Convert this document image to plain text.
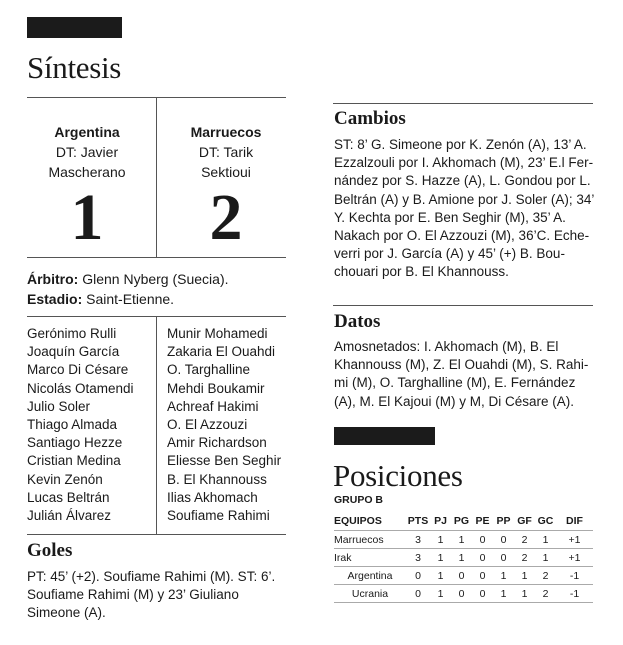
Síntesis
Argentina
DT: Javier
Mascherano
1
Marruecos
DT: Tarik
Sektioui
2
Árbitro: Glenn Nyberg (Suecia).
Estadio: Saint-Etienne.
Gerónimo Rulli
Joaquín García
Marco Di Césare
Nicolás Otamendi
Julio Soler
Thiago Almada
Santiago Hezze
Cristian Medina
Kevin Zenón
Lucas Beltrán
Julián Álvarez
Munir Mohamedi
Zakaria El Ouahdi
O. Targhalline
Mehdi Boukamir
Achreaf Hakimi
O. El Azzouzi
Amir Richardson
Eliesse Ben Seghir
B. El Khannouss
Ilias Akhomach
Soufiame Rahimi
Goles
PT: 45’ (+2). Soufiame Rahimi (M). ST: 6’.
Soufiame Rahimi (M) y 23’ Giuliano
Simeone (A).
Cambios
ST: 8’ G. Simeone por K. Zenón (A), 13’ A.
Ezzalzouli por I. Akhomach (M), 23’ E.l Fer-
nández por S. Hazze (A), L. Gondou por L.
Beltrán (A) y B. Amione por J. Soler (A); 34’
Y. Kechta por E. Ben Seghir (M), 35’ A.
Nakach por O. El Azzouzi (M), 36’C. Eche-
verri por J. García (A) y 45’ (+) B. Bou-
chouari por B. El Khannouss.
Datos
Amosnetados: I. Akhomach (M), B. El
Khannouss (M), Z. El Ouahdi (M), S. Rahi-
mi (M), O. Targhalline (M), E. Fernández
(A), M. El Kajoui (M) y M, Di Césare (A).
Posiciones
GRUPO B
EQUIPOS	PTS	PJ	PG	PE	PP	GF	GC	DIF
Marruecos	3	1	1	0	0	2	1	+1
Irak	3	1	1	0	0	2	1	+1
Argentina	0	1	0	0	1	1	2	-1
Ucrania	0	1	0	0	1	1	2	-1
